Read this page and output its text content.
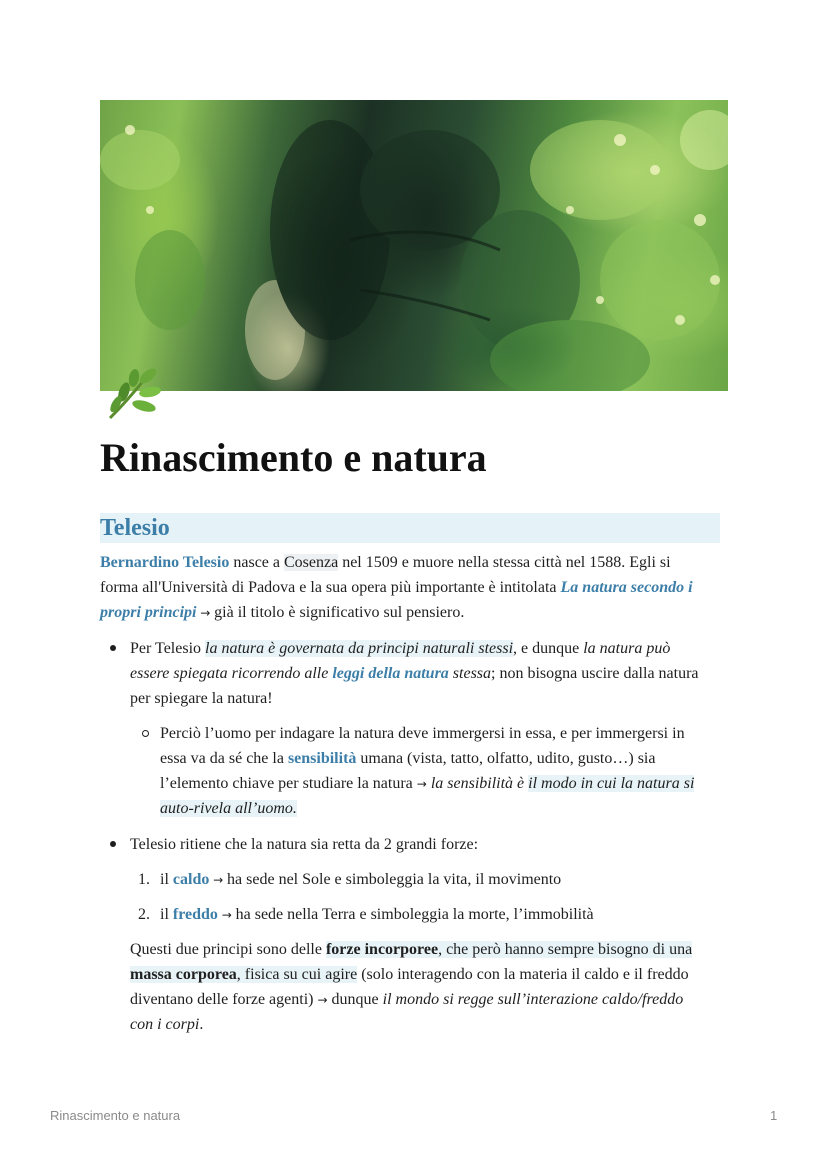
Rinascimento e natura
Telesio
Bernardino Telesio nasce a Cosenza nel 1509 e muore nella stessa città nel 1588. Egli si
forma all'Università di Padova e la sua opera più importante è intitolata La natura secondo i
propri principi → già il titolo è significativo sul pensiero.
Per Telesio la natura è governata da principi naturali stessi, e dunque la natura può
essere spiegata ricorrendo alle leggi della natura stessa; non bisogna uscire dalla natura
per spiegare la natura!
Perciò l’uomo per indagare la natura deve immergersi in essa, e per immergersi in
essa va da sé che la sensibilità umana (vista, tatto, olfatto, udito, gusto…) sia
l’elemento chiave per studiare la natura → la sensibilità è il modo in cui la natura si
auto-rivela all’uomo.
Telesio ritiene che la natura sia retta da 2 grandi forze:
1. il caldo → ha sede nel Sole e simboleggia la vita, il movimento
2. il freddo → ha sede nella Terra e simboleggia la morte, l’immobilità
Questi due principi sono delle forze incorporee, che però hanno sempre bisogno di una
massa corporea, fisica su cui agire (solo interagendo con la materia il caldo e il freddo
diventano delle forze agenti) → dunque il mondo si regge sull’interazione caldo/freddo
con i corpi.
Rinascimento e natura	1
